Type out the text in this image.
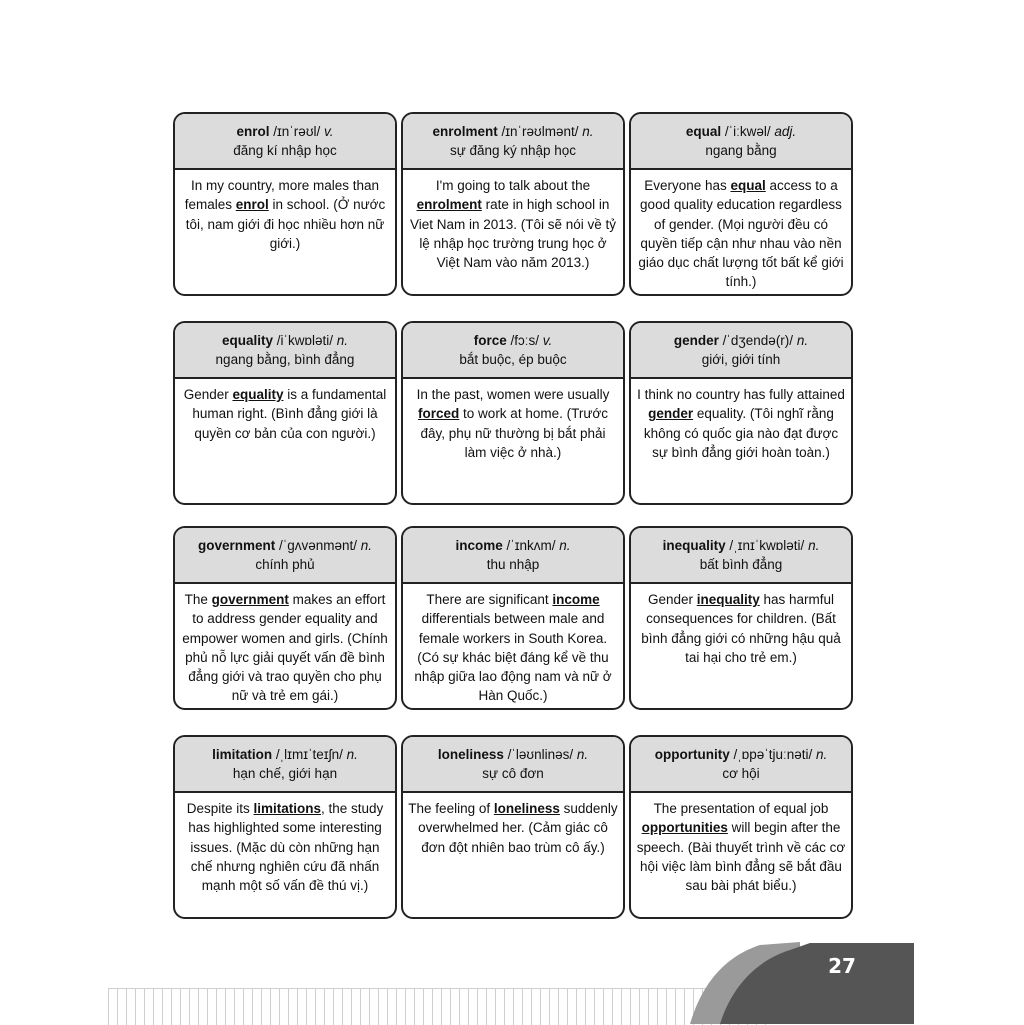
enrol /ɪnˈrəʊl/ v.
đăng kí nhập học
In my country, more males than females enrol in school. (Ở nước tôi, nam giới đi học nhiều hơn nữ giới.)
enrolment /ɪnˈrəʊlmənt/ n.
sự đăng ký nhập học
I'm going to talk about the enrolment rate in high school in Viet Nam in 2013. (Tôi sẽ nói về tỷ lệ nhập học trường trung học ở Việt Nam vào năm 2013.)
equal /ˈiːkwəl/ adj.
ngang bằng
Everyone has equal access to a good quality education regardless of gender. (Mọi người đều có quyền tiếp cận như nhau vào nền giáo dục chất lượng tốt bất kể giới tính.)
equality /iˈkwɒləti/ n.
ngang bằng, bình đẳng
Gender equality is a fundamental human right. (Bình đẳng giới là quyền cơ bản của con người.)
force /fɔːs/ v.
bắt buộc, ép buộc
In the past, women were usually forced to work at home. (Trước đây, phụ nữ thường bị bắt phải làm việc ở nhà.)
gender /ˈdʒendə(r)/ n.
giới, giới tính
I think no country has fully attained gender equality. (Tôi nghĩ rằng không có quốc gia nào đạt được sự bình đẳng giới hoàn toàn.)
government /ˈɡʌvənmənt/ n.
chính phủ
The government makes an effort to address gender equality and empower women and girls. (Chính phủ nỗ lực giải quyết vấn đề bình đẳng giới và trao quyền cho phụ nữ và trẻ em gái.)
income /ˈɪnkʌm/ n.
thu nhập
There are significant income differentials between male and female workers in South Korea. (Có sự khác biệt đáng kể về thu nhập giữa lao động nam và nữ ở Hàn Quốc.)
inequality /ˌɪnɪˈkwɒləti/ n.
bất bình đẳng
Gender inequality has harmful consequences for children. (Bất bình đẳng giới có những hậu quả tai hại cho trẻ em.)
limitation /ˌlɪmɪˈteɪʃn/ n.
hạn chế, giới hạn
Despite its limitations, the study has highlighted some interesting issues. (Mặc dù còn những hạn chế nhưng nghiên cứu đã nhấn mạnh một số vấn đề thú vị.)
loneliness /ˈləʊnlinəs/ n.
sự cô đơn
The feeling of loneliness suddenly overwhelmed her. (Cảm giác cô đơn đột nhiên bao trùm cô ấy.)
opportunity /ˌɒpəˈtjuːnəti/ n.
cơ hội
The presentation of equal job opportunities will begin after the speech. (Bài thuyết trình về các cơ hội việc làm bình đẳng sẽ bắt đầu sau bài phát biểu.)
27
